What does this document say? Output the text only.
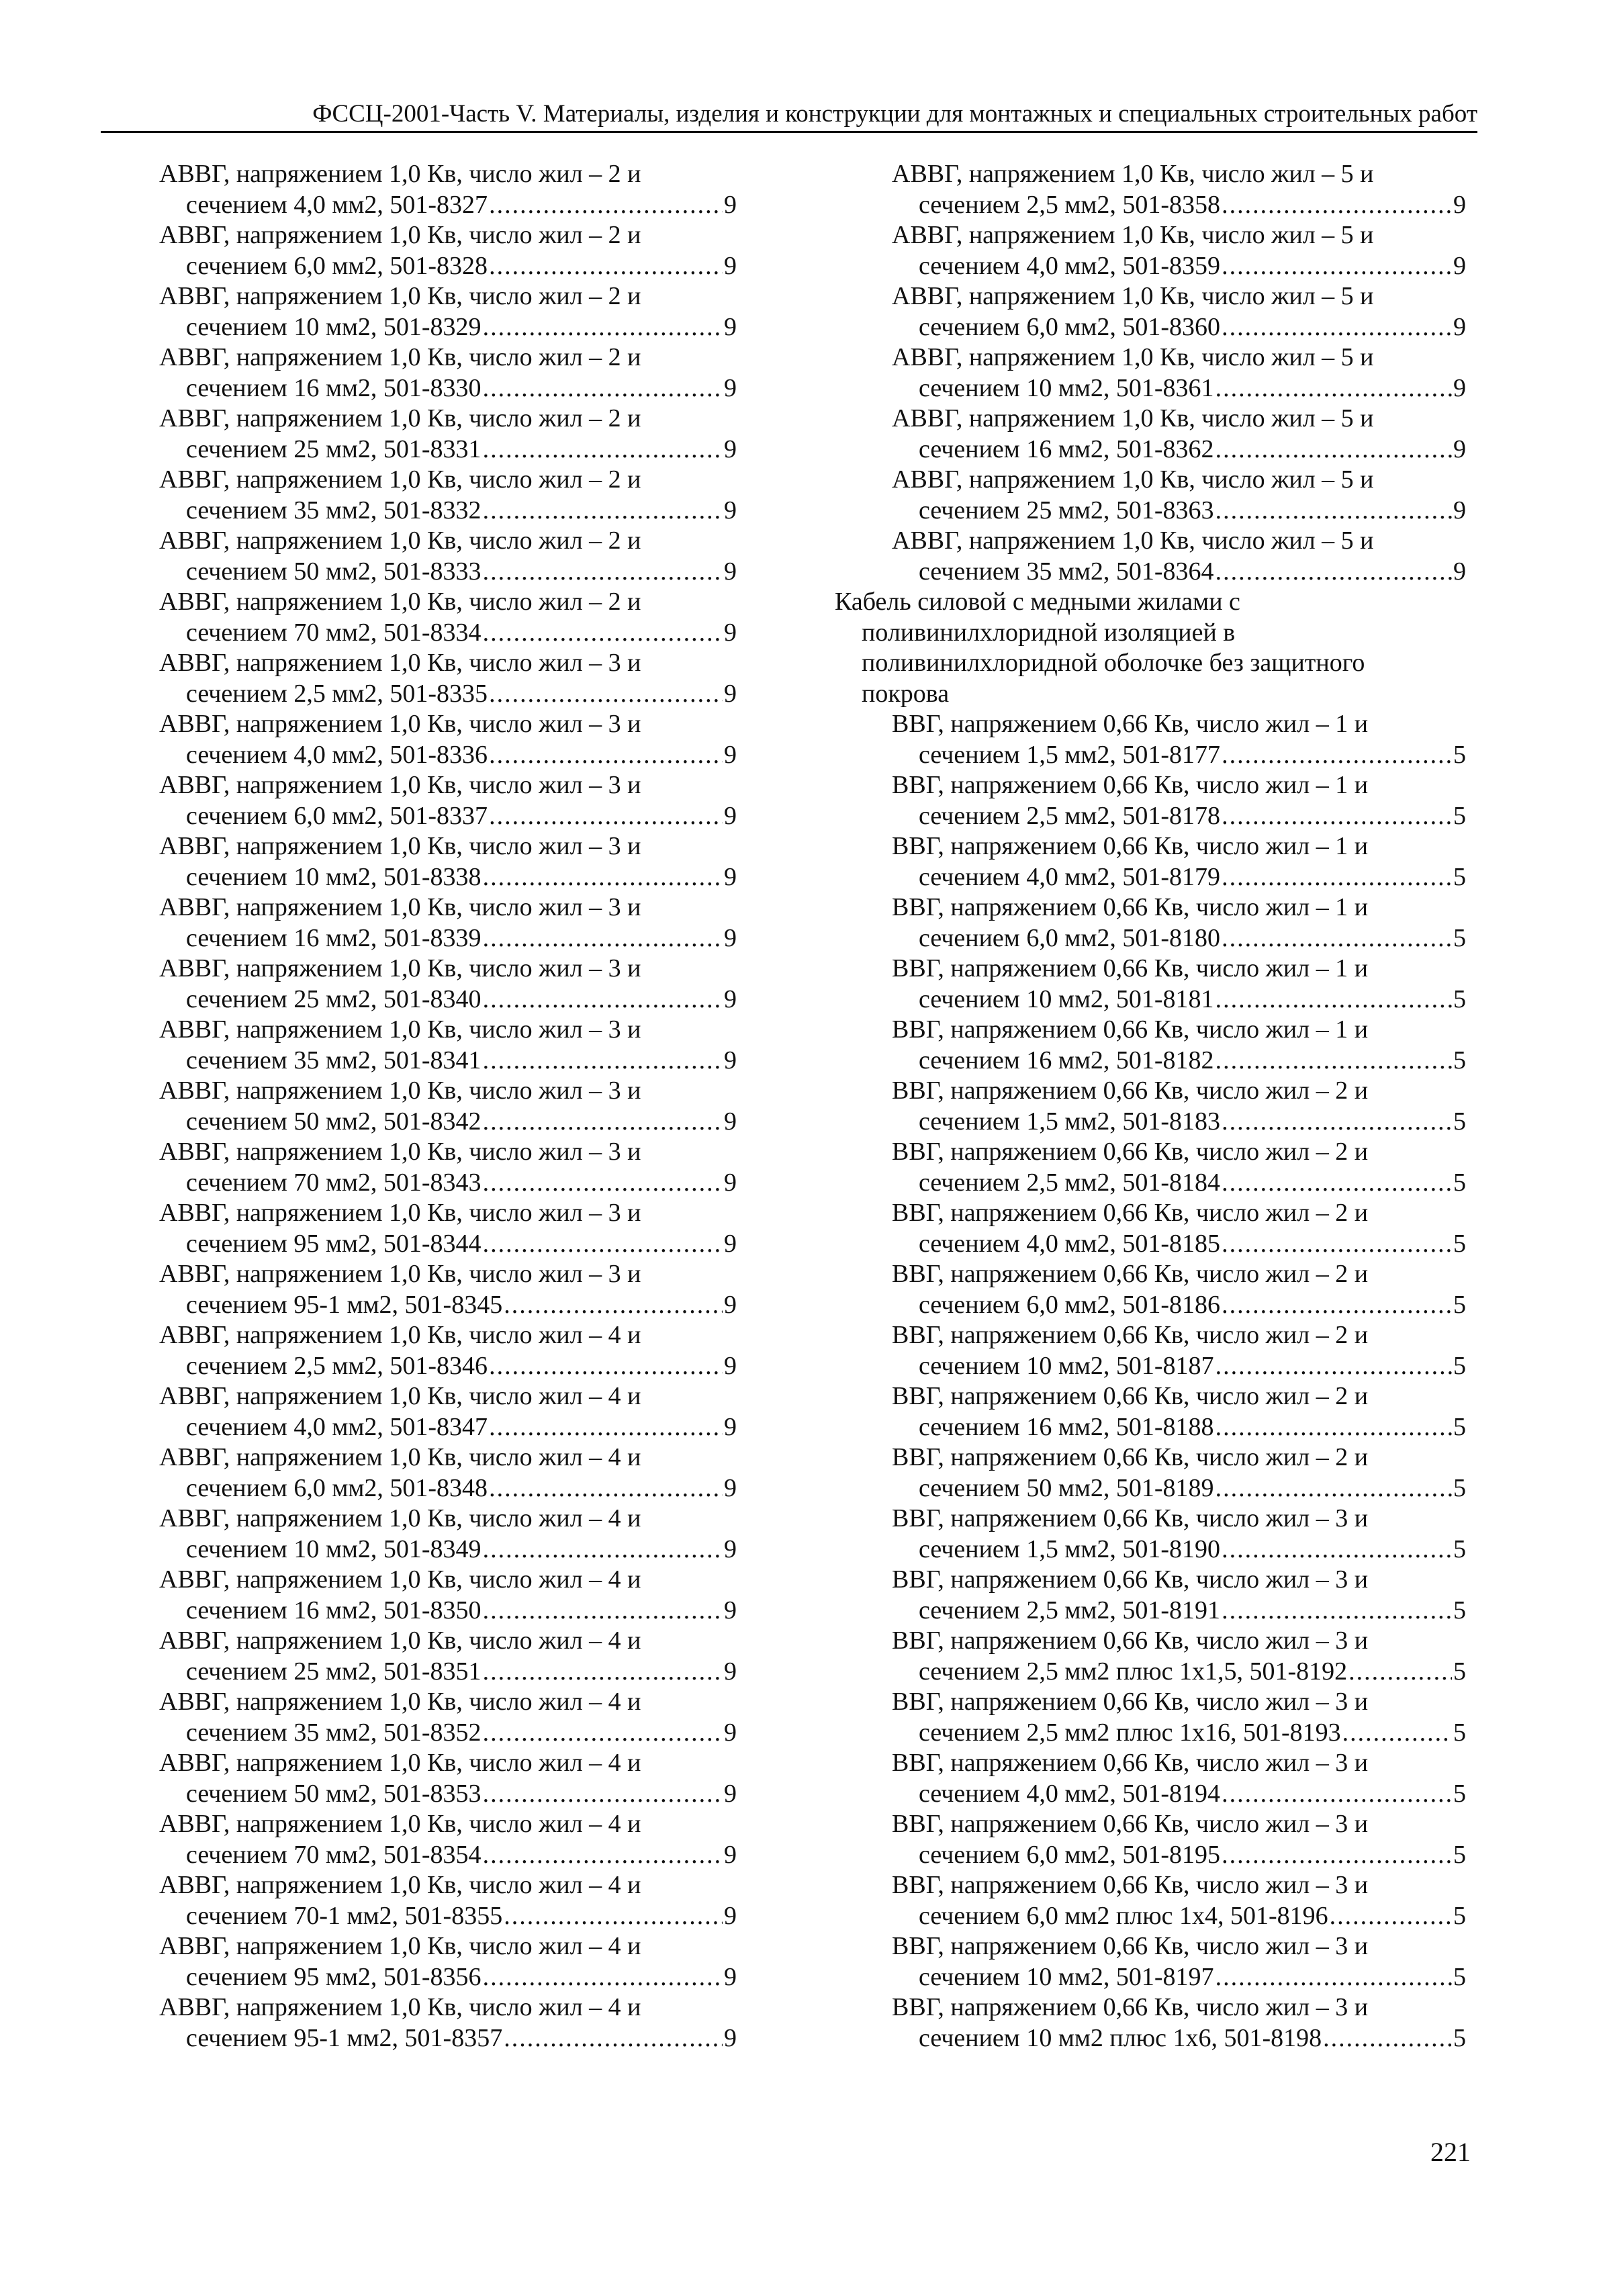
ФССЦ-2001-Часть V. Материалы, изделия и конструкции для монтажных и специальных строительных работ
АВВГ, напряжением 1,0 Кв, число жил – 2 и
сечением 4,0 мм2, 501-8327 .....	9
АВВГ, напряжением 1,0 Кв, число жил – 2 и
сечением 6,0 мм2, 501-8328 .....	9
АВВГ, напряжением 1,0 Кв, число жил – 2 и
сечением 10 мм2, 501-8329 .....	9
АВВГ, напряжением 1,0 Кв, число жил – 2 и
сечением 16 мм2, 501-8330 .....	9
АВВГ, напряжением 1,0 Кв, число жил – 2 и
сечением 25 мм2, 501-8331 .....	9
АВВГ, напряжением 1,0 Кв, число жил – 2 и
сечением 35 мм2, 501-8332 .....	9
АВВГ, напряжением 1,0 Кв, число жил – 2 и
сечением 50 мм2, 501-8333 .....	9
АВВГ, напряжением 1,0 Кв, число жил – 2 и
сечением 70 мм2, 501-8334 .....	9
АВВГ, напряжением 1,0 Кв, число жил – 3 и
сечением 2,5 мм2, 501-8335 .....	9
АВВГ, напряжением 1,0 Кв, число жил – 3 и
сечением 4,0 мм2, 501-8336 .....	9
АВВГ, напряжением 1,0 Кв, число жил – 3 и
сечением 6,0 мм2, 501-8337 .....	9
АВВГ, напряжением 1,0 Кв, число жил – 3 и
сечением 10 мм2, 501-8338 .....	9
АВВГ, напряжением 1,0 Кв, число жил – 3 и
сечением 16 мм2, 501-8339 .....	9
АВВГ, напряжением 1,0 Кв, число жил – 3 и
сечением 25 мм2, 501-8340 .....	9
АВВГ, напряжением 1,0 Кв, число жил – 3 и
сечением 35 мм2, 501-8341 .....	9
АВВГ, напряжением 1,0 Кв, число жил – 3 и
сечением 50 мм2, 501-8342 .....	9
АВВГ, напряжением 1,0 Кв, число жил – 3 и
сечением 70 мм2, 501-8343 .....	9
АВВГ, напряжением 1,0 Кв, число жил – 3 и
сечением 95 мм2, 501-8344 .....	9
АВВГ, напряжением 1,0 Кв, число жил – 3 и
сечением 95-1 мм2, 501-8345 .....	9
АВВГ, напряжением 1,0 Кв, число жил – 4 и
сечением 2,5 мм2, 501-8346 .....	9
АВВГ, напряжением 1,0 Кв, число жил – 4 и
сечением 4,0 мм2, 501-8347 .....	9
АВВГ, напряжением 1,0 Кв, число жил – 4 и
сечением 6,0 мм2, 501-8348 .....	9
АВВГ, напряжением 1,0 Кв, число жил – 4 и
сечением 10 мм2, 501-8349 .....	9
АВВГ, напряжением 1,0 Кв, число жил – 4 и
сечением 16 мм2, 501-8350 .....	9
АВВГ, напряжением 1,0 Кв, число жил – 4 и
сечением 25 мм2, 501-8351 .....	9
АВВГ, напряжением 1,0 Кв, число жил – 4 и
сечением 35 мм2, 501-8352 .....	9
АВВГ, напряжением 1,0 Кв, число жил – 4 и
сечением 50 мм2, 501-8353 .....	9
АВВГ, напряжением 1,0 Кв, число жил – 4 и
сечением 70 мм2, 501-8354 .....	9
АВВГ, напряжением 1,0 Кв, число жил – 4 и
сечением 70-1 мм2, 501-8355 .....	9
АВВГ, напряжением 1,0 Кв, число жил – 4 и
сечением 95 мм2, 501-8356 .....	9
АВВГ, напряжением 1,0 Кв, число жил – 4 и
сечением 95-1 мм2, 501-8357 .....	9
АВВГ, напряжением 1,0 Кв, число жил – 5 и
сечением 2,5 мм2, 501-8358 .....	9
АВВГ, напряжением 1,0 Кв, число жил – 5 и
сечением 4,0 мм2, 501-8359 .....	9
АВВГ, напряжением 1,0 Кв, число жил – 5 и
сечением 6,0 мм2, 501-8360 .....	9
АВВГ, напряжением 1,0 Кв, число жил – 5 и
сечением 10 мм2, 501-8361 .....	9
АВВГ, напряжением 1,0 Кв, число жил – 5 и
сечением 16 мм2, 501-8362 .....	9
АВВГ, напряжением 1,0 Кв, число жил – 5 и
сечением 25 мм2, 501-8363 .....	9
АВВГ, напряжением 1,0 Кв, число жил – 5 и
сечением 35 мм2, 501-8364 .....	9
Кабель силовой с медными жилами с
поливинилхлоридной изоляцией в
поливинилхлоридной оболочке без защитного
покрова
ВВГ, напряжением 0,66 Кв, число жил – 1 и
сечением 1,5 мм2, 501-8177 .....	5
ВВГ, напряжением 0,66 Кв, число жил – 1 и
сечением 2,5 мм2, 501-8178 .....	5
ВВГ, напряжением 0,66 Кв, число жил – 1 и
сечением 4,0 мм2, 501-8179 .....	5
ВВГ, напряжением 0,66 Кв, число жил – 1 и
сечением 6,0 мм2, 501-8180 .....	5
ВВГ, напряжением 0,66 Кв, число жил – 1 и
сечением 10 мм2, 501-8181 .....	5
ВВГ, напряжением 0,66 Кв, число жил – 1 и
сечением 16 мм2, 501-8182 .....	5
ВВГ, напряжением 0,66 Кв, число жил – 2 и
сечением 1,5 мм2, 501-8183 .....	5
ВВГ, напряжением 0,66 Кв, число жил – 2 и
сечением 2,5 мм2, 501-8184 .....	5
ВВГ, напряжением 0,66 Кв, число жил – 2 и
сечением 4,0 мм2, 501-8185 .....	5
ВВГ, напряжением 0,66 Кв, число жил – 2 и
сечением 6,0 мм2, 501-8186 .....	5
ВВГ, напряжением 0,66 Кв, число жил – 2 и
сечением 10 мм2, 501-8187 .....	5
ВВГ, напряжением 0,66 Кв, число жил – 2 и
сечением 16 мм2, 501-8188 .....	5
ВВГ, напряжением 0,66 Кв, число жил – 2 и
сечением 50 мм2, 501-8189 .....	5
ВВГ, напряжением 0,66 Кв, число жил – 3 и
сечением 1,5 мм2, 501-8190 .....	5
ВВГ, напряжением 0,66 Кв, число жил – 3 и
сечением 2,5 мм2, 501-8191 .....	5
ВВГ, напряжением 0,66 Кв, число жил – 3 и
сечением 2,5 мм2 плюс 1х1,5, 501-8192 .....	5
ВВГ, напряжением 0,66 Кв, число жил – 3 и
сечением 2,5 мм2 плюс 1х16, 501-8193 .....	5
ВВГ, напряжением 0,66 Кв, число жил – 3 и
сечением 4,0 мм2, 501-8194 .....	5
ВВГ, напряжением 0,66 Кв, число жил – 3 и
сечением 6,0 мм2, 501-8195 .....	5
ВВГ, напряжением 0,66 Кв, число жил – 3 и
сечением 6,0 мм2 плюс 1х4, 501-8196 .....	5
ВВГ, напряжением 0,66 Кв, число жил – 3 и
сечением 10 мм2, 501-8197 .....	5
ВВГ, напряжением 0,66 Кв, число жил – 3 и
сечением 10 мм2 плюс 1х6, 501-8198 .....	5
221
